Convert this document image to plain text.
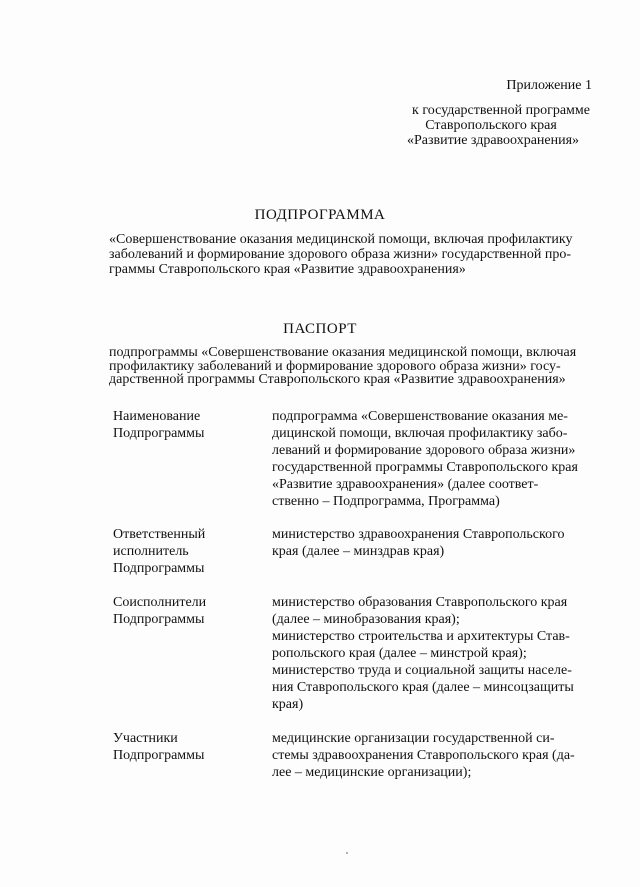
Приложение 1
к государственной программе
Ставропольского края
«Развитие здравоохранения»
ПОДПРОГРАММА
«Совершенствование оказания медицинской помощи, включая профилактику
заболеваний и формирование здорового образа жизни» государственной про-
граммы Ставропольского края «Развитие здравоохранения»
ПАСПОРТ
подпрограммы «Совершенствование оказания медицинской помощи, включая
профилактику заболеваний и формирование здорового образа жизни» госу-
дарственной программы Ставропольского края «Развитие здравоохранения»
Наименование
Подпрограммы
подпрограмма «Совершенствование оказания ме-
дицинской помощи, включая профилактику забо-
леваний и формирование здорового образа жизни»
государственной программы Ставропольского края
«Развитие здравоохранения» (далее соответ-
ственно – Подпрограмма, Программа)
Ответственный
исполнитель
Подпрограммы
министерство здравоохранения Ставропольского
края (далее – минздрав края)
Соисполнители
Подпрограммы
министерство образования Ставропольского края
(далее – минобразования края);
министерство строительства и архитектуры Став-
ропольского края (далее – минстрой края);
министерство труда и социальной защиты населе-
ния Ставропольского края (далее – минсоцзащиты
края)
Участники
Подпрограммы
медицинские организации государственной си-
стемы здравоохранения Ставропольского края (да-
лее – медицинские организации);
